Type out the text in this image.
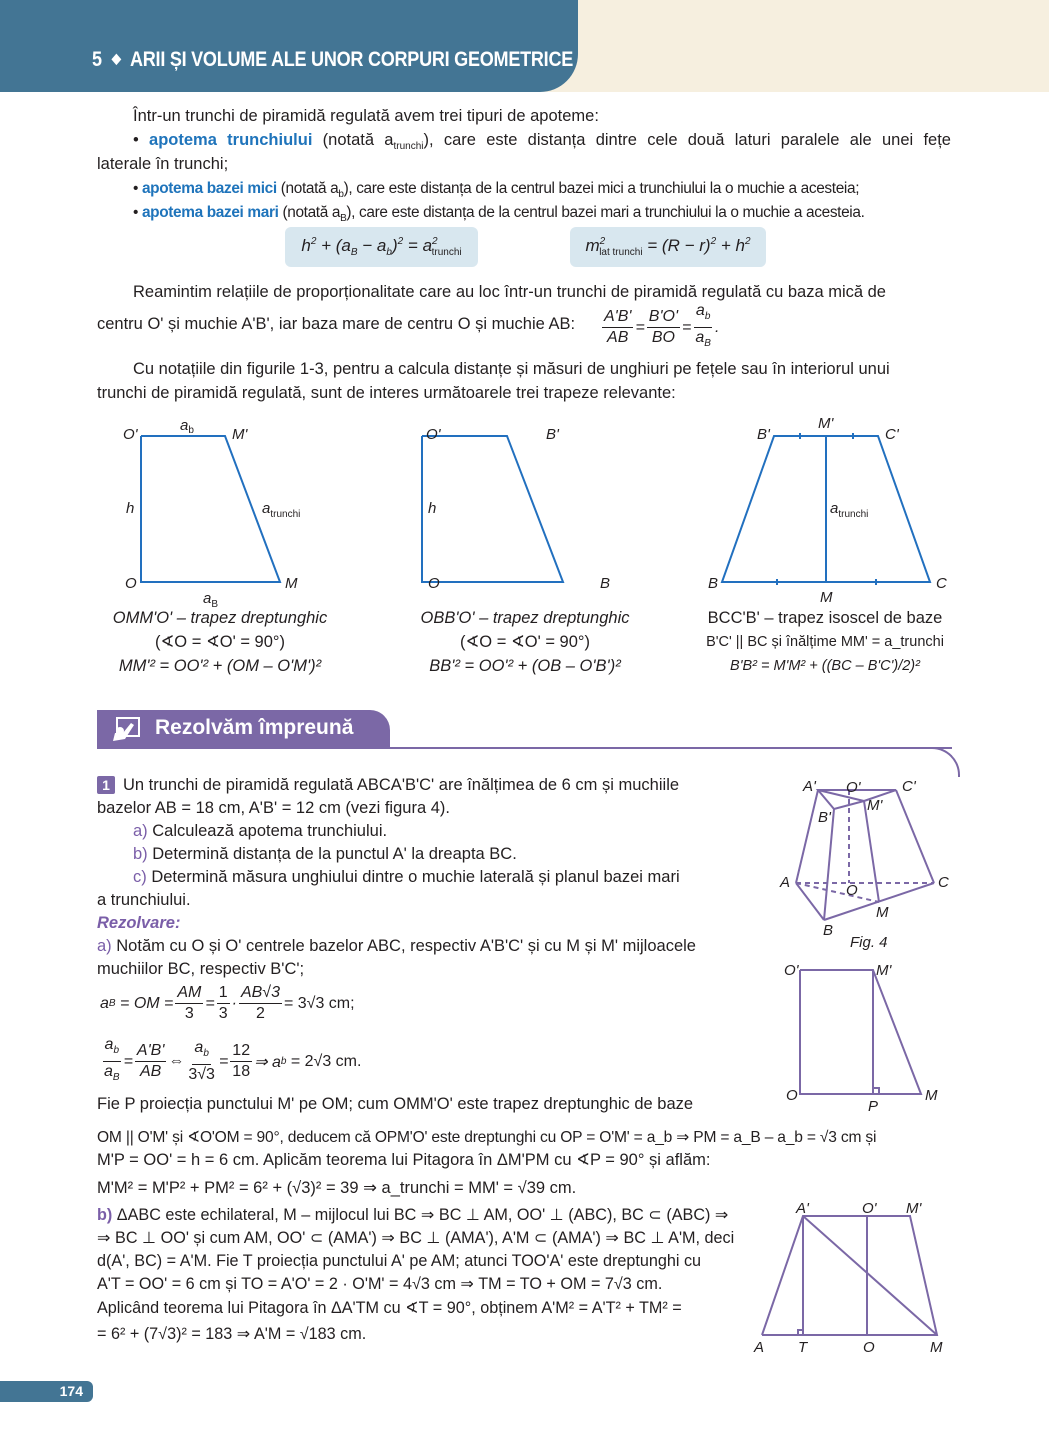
5 ◆ ARII ȘI VOLUME ALE UNOR CORPURI GEOMETRICE
Într-un trunchi de piramidă regulată avem trei tipuri de apoteme:
• apotema trunchiului (notată $a_{trunchi}$), care este distanța dintre cele două laturi paralele ale unei fețe
laterale în trunchi;
• apotema bazei mici (notată $a_b$), care este distanța de la centrul bazei mici a trunchiului la o muchie a acesteia;
• apotema bazei mari (notată $a_B$), care este distanța de la centrul bazei mari a trunchiului la o muchie a acesteia.
$h^2 + (a_B - a_b)^2 = a^2_{trunchi}$	$m^2_{lat trunchi} = (R - r)^2 + h^2$
Reamintim relațiile de proporționalitate care au loc într-un trunchi de piramidă regulată cu baza mică de
centru O' și muchie A'B', iar baza mare de centru O și muchie AB: $\frac{A'B'}{AB} = \frac{B'O'}{BO} = \frac{a_b}{a_B}$ .
Cu notațiile din figurile 1-3, pentru a calcula distanțe și măsuri de unghiuri pe fețele sau în interiorul unui
trunchi de piramidă regulată, sunt de interes următoarele trei trapeze relevante:
O'
$a_b$	M'
h	$a_{trunchi}$
O	M
$a_B$
OMM'O' – trapez dreptunghic
(∢O = ∢O' = 90°)
MM'² = OO'² + (OM – O'M')²
O'	B'
h
O	B
OBB'O' – trapez dreptunghic
(∢O = ∢O' = 90°)
BB'² = OO'² + (OB – O'B')²
B'
M'
C'
$a_{trunchi}$
B
M
C
BCC'B' – trapez isoscel de baze
B'C' || BC și înălțime MM' = a_trunchi
B'B² = M'M² + ((BC – B'C')/2)²
Rezolvăm împreună
1 Un trunchi de piramidă regulată ABCA'B'C' are înălțimea de 6 cm și muchiile
bazelor AB = 18 cm, A'B' = 12 cm (vezi figura 4).
a) Calculează apotema trunchiului.
b) Determină distanța de la punctul A' la dreapta BC.
c) Determină măsura unghiului dintre o muchie laterală și planul bazei mari
a trunchiului.
Rezolvare:
a) Notăm cu O și O' centrele bazelor ABC, respectiv A'B'C' și cu M și M' mijloacele
muchiilor BC, respectiv B'C';
a B = OM = $\frac{AM}{3} = \frac{1}{3} \cdot \frac{AB√3}{2} = 3√3$ cm;
$\frac{a_b}{a_B} = \frac{A'B'}{AB}$ ⇔ $\frac{a_b}{3√3} = \frac{12}{18}$ ⇒ a b
= 2√3 cm.
Fie P proiecția punctului M' pe OM; cum OMM'O' este trapez dreptunghic de baze
OM || O'M' și ∢O'OM = 90°, deducem că OPM'O' este dreptunghi cu OP = O'M' = a_b ⇒ PM = a_B – a_b = √3 cm și
M'P = OO' = h = 6 cm. Aplicăm teorema lui Pitagora în ΔM'PM cu ∢P = 90° și aflăm:
M'M² = M'P² + PM² = 6² + (√3)² = 39 ⇒ a_trunchi = MM' = √39 cm.
b) ΔABC este echilateral, M – mijlocul lui BC ⇒ BC ⊥ AM, OO' ⊥ (ABC), BC ⊂ (ABC) ⇒
⇒ BC ⊥ OO' și cum AM, OO' ⊂ (AMA') ⇒ BC ⊥ (AMA'), A'M ⊂ (AMA') ⇒ BC ⊥ A'M, deci
d(A', BC) = A'M. Fie T proiecția punctului A' pe AM; atunci TOO'A' este dreptunghi cu
A'T = OO' = 6 cm și TO = A'O' = 2 · O'M' = 4√3 cm ⇒ TM = TO + OM = 7√3 cm.
Aplicând teorema lui Pitagora în ΔA'TM cu ∢T = 90°, obținem A'M² = A'T² + TM² =
= 6² + (7√3)² = 183 ⇒ A'M = √183 cm.
A' O'	C'
B'
M'
A	O	C
M
B
Fig. 4
O'	M'
O
P
M
A'	O' M'
A T	O	M
174
